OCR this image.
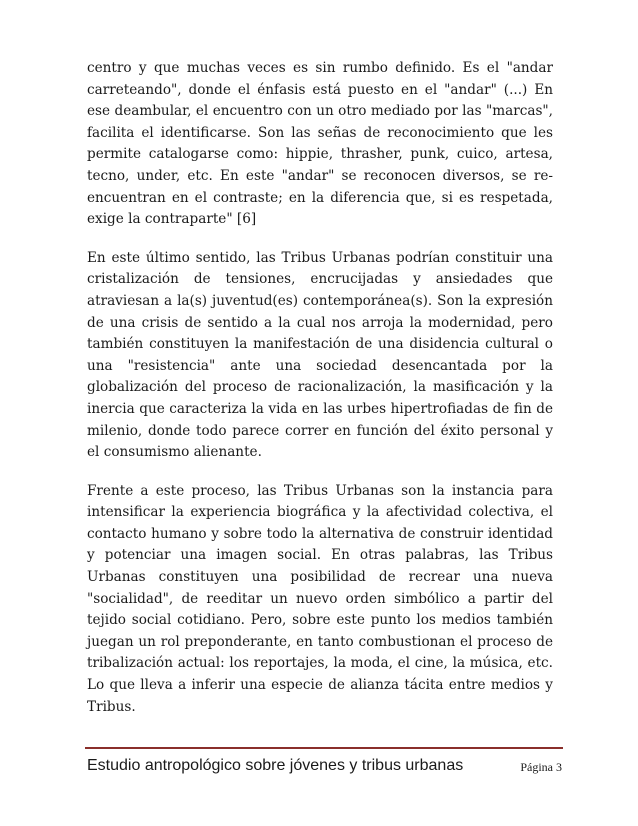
centro y que muchas veces es sin rumbo definido. Es el "andar carreteando", donde el énfasis está puesto en el "andar" (...) En ese deambular, el encuentro con un otro mediado por las "marcas", facilita el identificarse. Son las señas de reconocimiento que les permite catalogarse como: hippie, thrasher, punk, cuico, artesa, tecno, under, etc. En este "andar" se reconocen diversos, se re-encuentran en el contraste; en la diferencia que, si es respetada, exige la contraparte" [6]

En este último sentido, las Tribus Urbanas podrían constituir una cristalización de tensiones, encrucijadas y ansiedades que atraviesan a la(s) juventud(es) contemporánea(s). Son la expresión de una crisis de sentido a la cual nos arroja la modernidad, pero también constituyen la manifestación de una disidencia cultural o una "resistencia" ante una sociedad desencantada por la globalización del proceso de racionalización, la masificación y la inercia que caracteriza la vida en las urbes hipertrofiadas de fin de milenio, donde todo parece correr en función del éxito personal y el consumismo alienante.

Frente a este proceso, las Tribus Urbanas son la instancia para intensificar la experiencia biográfica y la afectividad colectiva, el contacto humano y sobre todo la alternativa de construir identidad y potenciar una imagen social. En otras palabras, las Tribus Urbanas constituyen una posibilidad de recrear una nueva "socialidad", de reeditar un nuevo orden simbólico a partir del tejido social cotidiano. Pero, sobre este punto los medios también juegan un rol preponderante, en tanto combustionan el proceso de tribalización actual: los reportajes, la moda, el cine, la música, etc. Lo que lleva a inferir una especie de alianza tácita entre medios y Tribus.

Estudio antropológico sobre jóvenes y tribus urbanas	Página 3
